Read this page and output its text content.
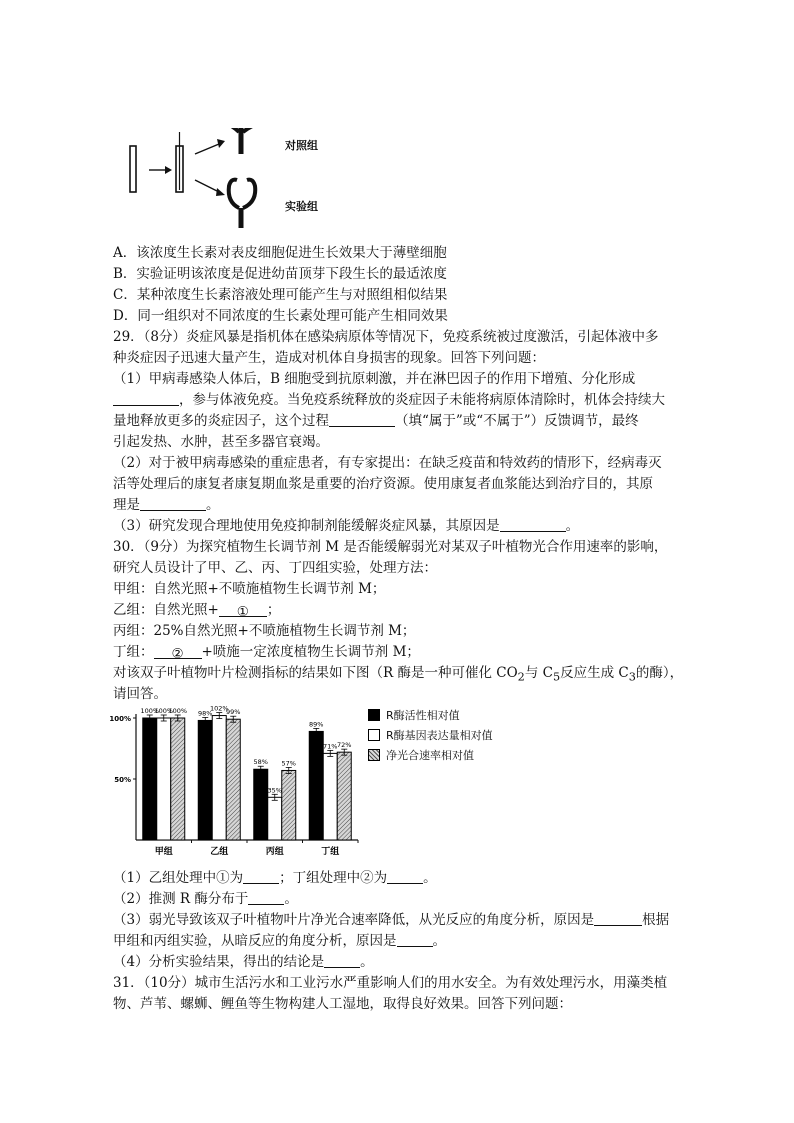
对照组
实验组
A．该浓度生长素对表皮细胞促进生长效果大于薄壁细胞
B．实验证明该浓度是促进幼苗顶芽下段生长的最适浓度
C．某种浓度生长素溶液处理可能产生与对照组相似结果
D．同一组织对不同浓度的生长素处理可能产生相同效果
29．（8分）炎症风暴是指机体在感染病原体等情况下，免疫系统被过度激活，引起体液中多
种炎症因子迅速大量产生，造成对机体自身损害的现象。回答下列问题：
（1）甲病毒感染人体后，B 细胞受到抗原刺激，并在淋巴因子的作用下增殖、分化形成
，参与体液免疫。当免疫系统释放的炎症因子未能将病原体清除时，机体会持续大
量地释放更多的炎症因子，这个过程	（填“属于”或“不属于”）反馈调节，最终
引起发热、水肿，甚至多器官衰竭。
（2）对于被甲病毒感染的重症患者，有专家提出：在缺乏疫苗和特效药的情形下，经病毒灭
活等处理后的康复者康复期血浆是重要的治疗资源。使用康复者血浆能达到治疗目的，其原
理是	。
（3）研究发现合理地使用免疫抑制剂能缓解炎症风暴，其原因是	。
30．（9分）为探究植物生长调节剂 M 是否能缓解弱光对某双子叶植物光合作用速率的影响，
研究人员设计了甲、乙、丙、丁四组实验，处理方法：
甲组：自然光照+不喷施植物生长调节剂 M；
乙组：自然光照+ ① ；
丙组：25%自然光照+不喷施植物生长调节剂 M；
丁组： ② +喷施一定浓度植物生长调节剂 M；
对该双子叶植物叶片检测指标的结果如下图（R 酶是一种可催化 $CO_2$与 $C_5$反应生成 $C_3$的酶），
请回答。
50%
100%
100%
100%
100%
甲组
98%
102%
99%
乙组
58%
35%
57%
丙组
89%
71% 72%
丁组
R酶活性相对值
R酶基因表达量相对值
净光合速率相对值
（1）乙组处理中①为	；丁组处理中②为	。
（2）推测 R 酶分布于	。
（3）弱光导致该双子叶植物叶片净光合速率降低，从光反应的角度分析，原因是	根据
甲组和丙组实验，从暗反应的角度分析，原因是	。
（4）分析实验结果，得出的结论是	。
31．（10分）城市生活污水和工业污水严重影响人们的用水安全。为有效处理污水，用藻类植
物、芦苇、螺蛳、鲤鱼等生物构建人工湿地，取得良好效果。回答下列问题：
